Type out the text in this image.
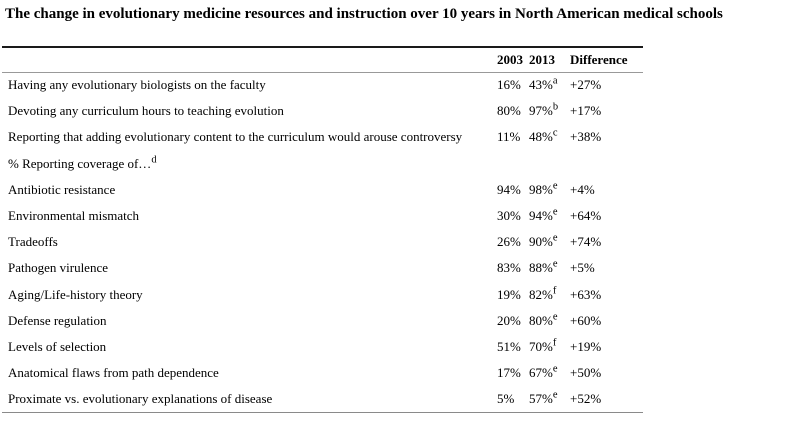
The change in evolutionary medicine resources and instruction over 10 years in North American medical schools
	2003	2013	Difference
Having any evolutionary biologists on the faculty	16%	43%$^a$	+27%
Devoting any curriculum hours to teaching evolution	80%	97%$^b$	+17%
Reporting that adding evolutionary content to the curriculum would arouse controversy	11%	48%$^c$	+38%
% Reporting coverage of…$^d$			
Antibiotic resistance	94%	98%$^e$	+4%
Environmental mismatch	30%	94%$^e$	+64%
Tradeoffs	26%	90%$^e$	+74%
Pathogen virulence	83%	88%$^e$	+5%
Aging/Life-history theory	19%	82%$^f$	+63%
Defense regulation	20%	80%$^e$	+60%
Levels of selection	51%	70%$^f$	+19%
Anatomical flaws from path dependence	17%	67%$^e$	+50%
Proximate vs. evolutionary explanations of disease	5%	57%$^e$	+52%
